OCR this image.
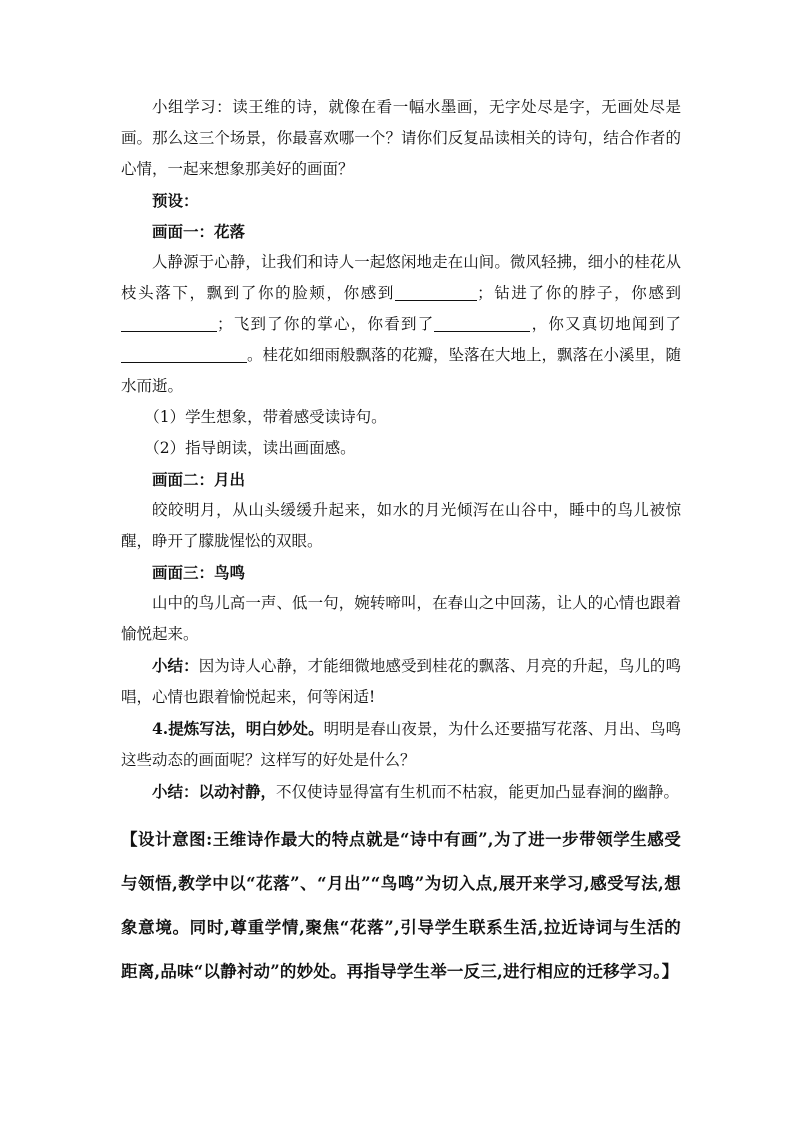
小组学习：读王维的诗，就像在看一幅水墨画，无字处尽是字，无画处尽是画。那么这三个场景，你最喜欢哪一个？请你们反复品读相关的诗句，结合作者的心情，一起来想象那美好的画面？

预设：

画面一：花落

人静源于心静，让我们和诗人一起悠闲地走在山间。微风轻拂，细小的桂花从枝头落下，飘到了你的脸颊，你感到	；钻进了你的脖子，你感到；飞到了你的掌心，你看到了	，你又真切地闻到了。桂花如细雨般飘落的花瓣，坠落在大地上，飘落在小溪里，随水而逝。

（1）学生想象，带着感受读诗句。

（2）指导朗读，读出画面感。

画面二：月出

皎皎明月，从山头缓缓升起来，如水的月光倾泻在山谷中，睡中的鸟儿被惊醒，睁开了朦胧惺忪的双眼。

画面三：鸟鸣

山中的鸟儿高一声、低一句，婉转啼叫，在春山之中回荡，让人的心情也跟着愉悦起来。

小结：因为诗人心静，才能细微地感受到桂花的飘落、月亮的升起，鸟儿的鸣唱，心情也跟着愉悦起来，何等闲适!

4.提炼写法，明白妙处。明明是春山夜景，为什么还要描写花落、月出、鸟鸣这些动态的画面呢？这样写的好处是什么？

小结：以动衬静，不仅使诗显得富有生机而不枯寂，能更加凸显春涧的幽静。

【设计意图:王维诗作最大的特点就是“诗中有画”,为了进一步带领学生感受与领悟,教学中以“花落”、“月出”“鸟鸣”为切入点,展开来学习,感受写法,想象意境。同时,尊重学情,聚焦“花落”,引导学生联系生活,拉近诗词与生活的距离,品味“以静衬动”的妙处。再指导学生举一反三,进行相应的迁移学习。】
